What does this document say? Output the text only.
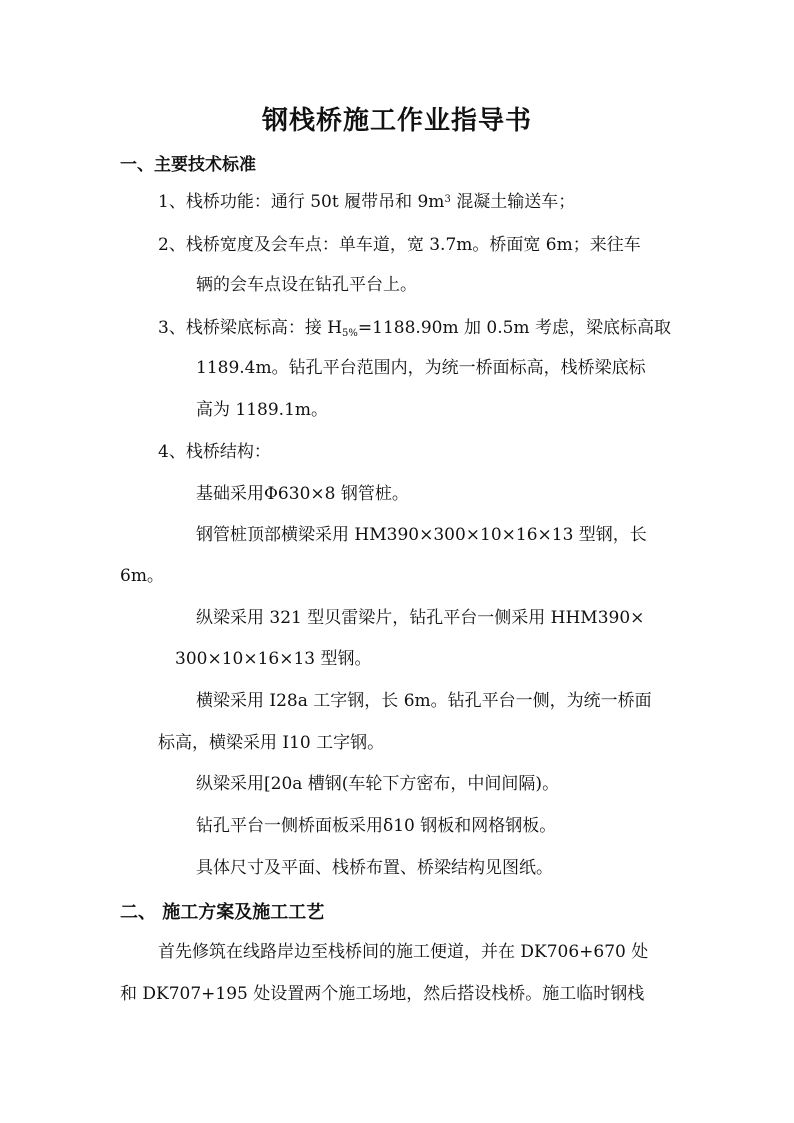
钢栈桥施工作业指导书
一、主要技术标准
1、栈桥功能：通行 50t 履带吊和 $9m^3$ 混凝土输送车；
2、栈桥宽度及会车点：单车道，宽 3.7m。桥面宽 6m；来往车
辆的会车点设在钻孔平台上。
3、栈桥梁底标高：接 $H_{5\%}=1188.90m$ 加 0.5m 考虑，梁底标高取
1189.4m。钻孔平台范围内，为统一桥面标高，栈桥梁底标
高为 1189.1m。
4、栈桥结构：
基础采用Φ630×8 钢管桩。
钢管桩顶部横梁采用 HM390×300×10×16×13 型钢，长
6m。
纵梁采用 321 型贝雷梁片，钻孔平台一侧采用 HHM390×
300×10×16×13 型钢。
横梁采用 I28a 工字钢，长 6m。钻孔平台一侧，为统一桥面
标高，横梁采用 I10 工字钢。
纵梁采用[20a 槽钢(车轮下方密布，中间间隔)。
钻孔平台一侧桥面板采用δ10 钢板和网格钢板。
具体尺寸及平面、栈桥布置、桥梁结构见图纸。
二、 施工方案及施工工艺
首先修筑在线路岸边至栈桥间的施工便道，并在 DK706+670 处
和 DK707+195 处设置两个施工场地，然后搭设栈桥。施工临时钢栈
